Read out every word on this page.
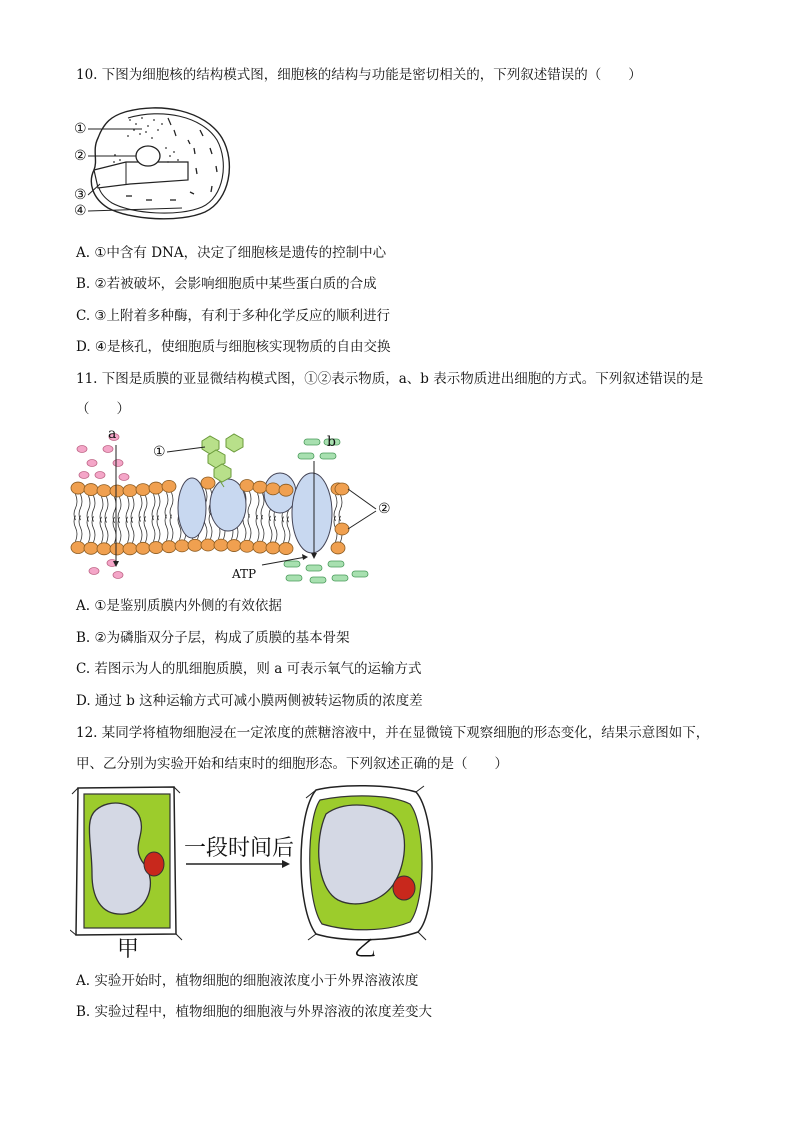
10. 下图为细胞核的结构模式图，细胞核的结构与功能是密切相关的，下列叙述错误的（　　）
①
②
③
④
A. ①中含有 DNA，决定了细胞核是遗传的控制中心
B. ②若被破坏，会影响细胞质中某些蛋白质的合成
C. ③上附着多种酶，有利于多种化学反应的顺利进行
D. ④是核孔，使细胞质与细胞核实现物质的自由交换
11. 下图是质膜的亚显微结构模式图，①②表示物质，a、b 表示物质进出细胞的方式。下列叙述错误的是
（　　）
a	b
①
②
ATP
A. ①是鉴别质膜内外侧的有效依据
B. ②为磷脂双分子层，构成了质膜的基本骨架
C. 若图示为人的肌细胞质膜，则 a 可表示氧气的运输方式
D. 通过 b 这种运输方式可减小膜两侧被转运物质的浓度差
12. 某同学将植物细胞浸在一定浓度的蔗糖溶液中，并在显微镜下观察细胞的形态变化，结果示意图如下，
甲、乙分别为实验开始和结束时的细胞形态。下列叙述正确的是（　　）
一段时间后
甲	乙
A. 实验开始时，植物细胞的细胞液浓度小于外界溶液浓度
B. 实验过程中，植物细胞的细胞液与外界溶液的浓度差变大
